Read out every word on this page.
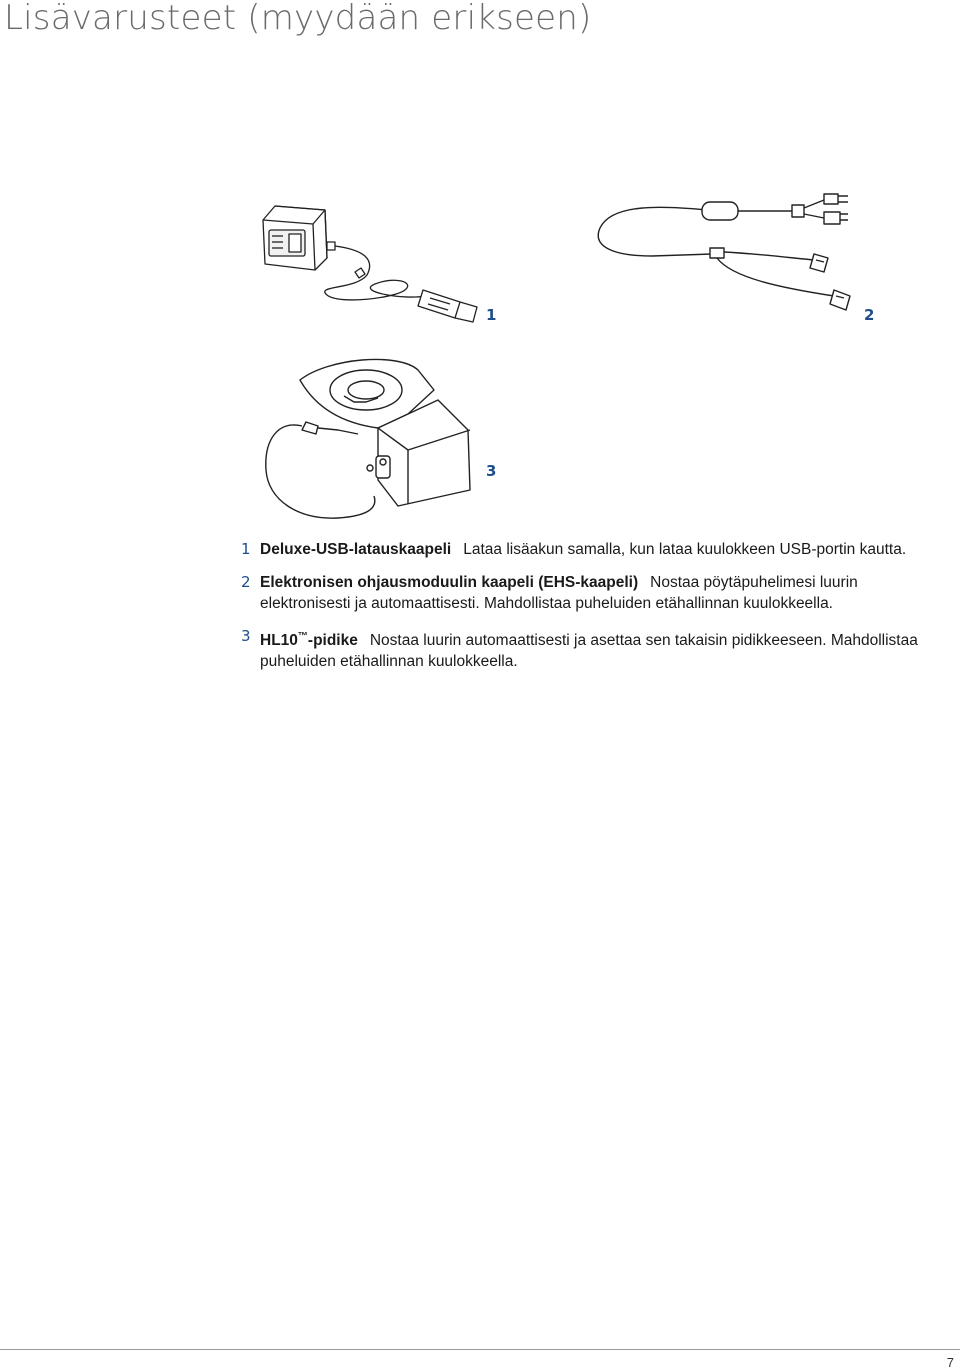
Lisävarusteet (myydään erikseen)
1	2
3
1 Deluxe-USB-latauskaapeli Lataa lisäakun samalla, kun lataa kuulokkeen USB-portin kautta.
2 Elektronisen ohjausmoduulin kaapeli (EHS-kaapeli) Nostaa pöytäpuhelimesi luurin elektronisesti ja automaattisesti. Mahdollistaa puheluiden etähallinnan kuulokkeella.
3 HL10™-pidike Nostaa luurin automaattisesti ja asettaa sen takaisin pidikkeeseen. Mahdollistaa puheluiden etähallinnan kuulokkeella.
7
